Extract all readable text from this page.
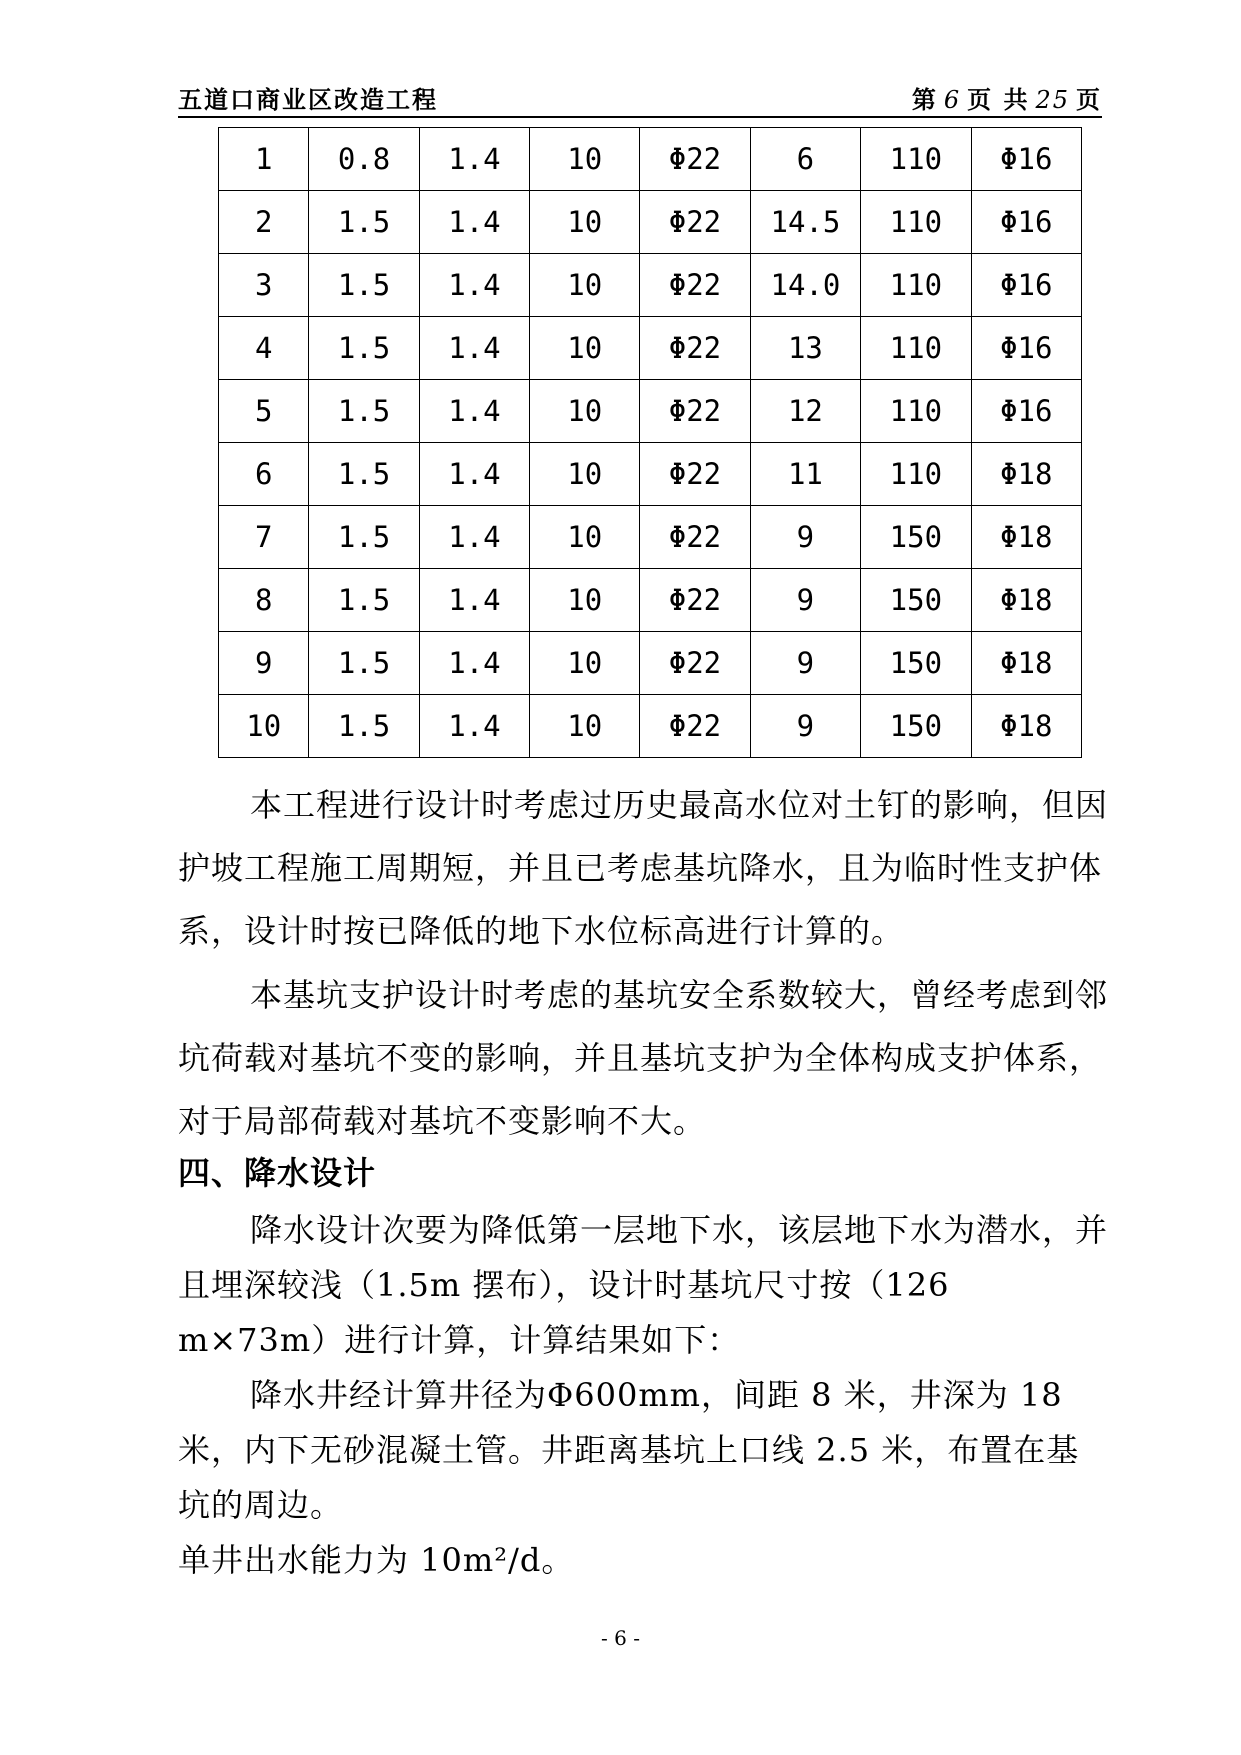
五道口商业区改造工程	第 6 页 共 25 页
1	0.8	1.4	10	Φ22	6	110	Φ16
2	1.5	1.4	10	Φ22	14.5	110	Φ16
3	1.5	1.4	10	Φ22	14.0	110	Φ16
4	1.5	1.4	10	Φ22	13	110	Φ16
5	1.5	1.4	10	Φ22	12	110	Φ16
6	1.5	1.4	10	Φ22	11	110	Φ18
7	1.5	1.4	10	Φ22	9	150	Φ18
8	1.5	1.4	10	Φ22	9	150	Φ18
9	1.5	1.4	10	Φ22	9	150	Φ18
10	1.5	1.4	10	Φ22	9	150	Φ18

本工程进行设计时考虑过历史最高水位对土钉的影响，但因护坡工程施工周期短，并且已考虑基坑降水，且为临时性支护体系，设计时按已降低的地下水位标高进行计算的。

本基坑支护设计时考虑的基坑安全系数较大，曾经考虑到邻坑荷载对基坑不变的影响，并且基坑支护为全体构成支护体系，对于局部荷载对基坑不变影响不大。

四、降水设计

降水设计次要为降低第一层地下水，该层地下水为潜水，并且埋深较浅（1.5m 摆布），设计时基坑尺寸按（126 m×73m）进行计算，计算结果如下：

降水井经计算井径为Φ600mm，间距 8 米，井深为 18 米，内下无砂混凝土管。井距离基坑上口线 2.5 米，布置在基坑的周边。

单井出水能力为 10m²/d。

- 6 -
